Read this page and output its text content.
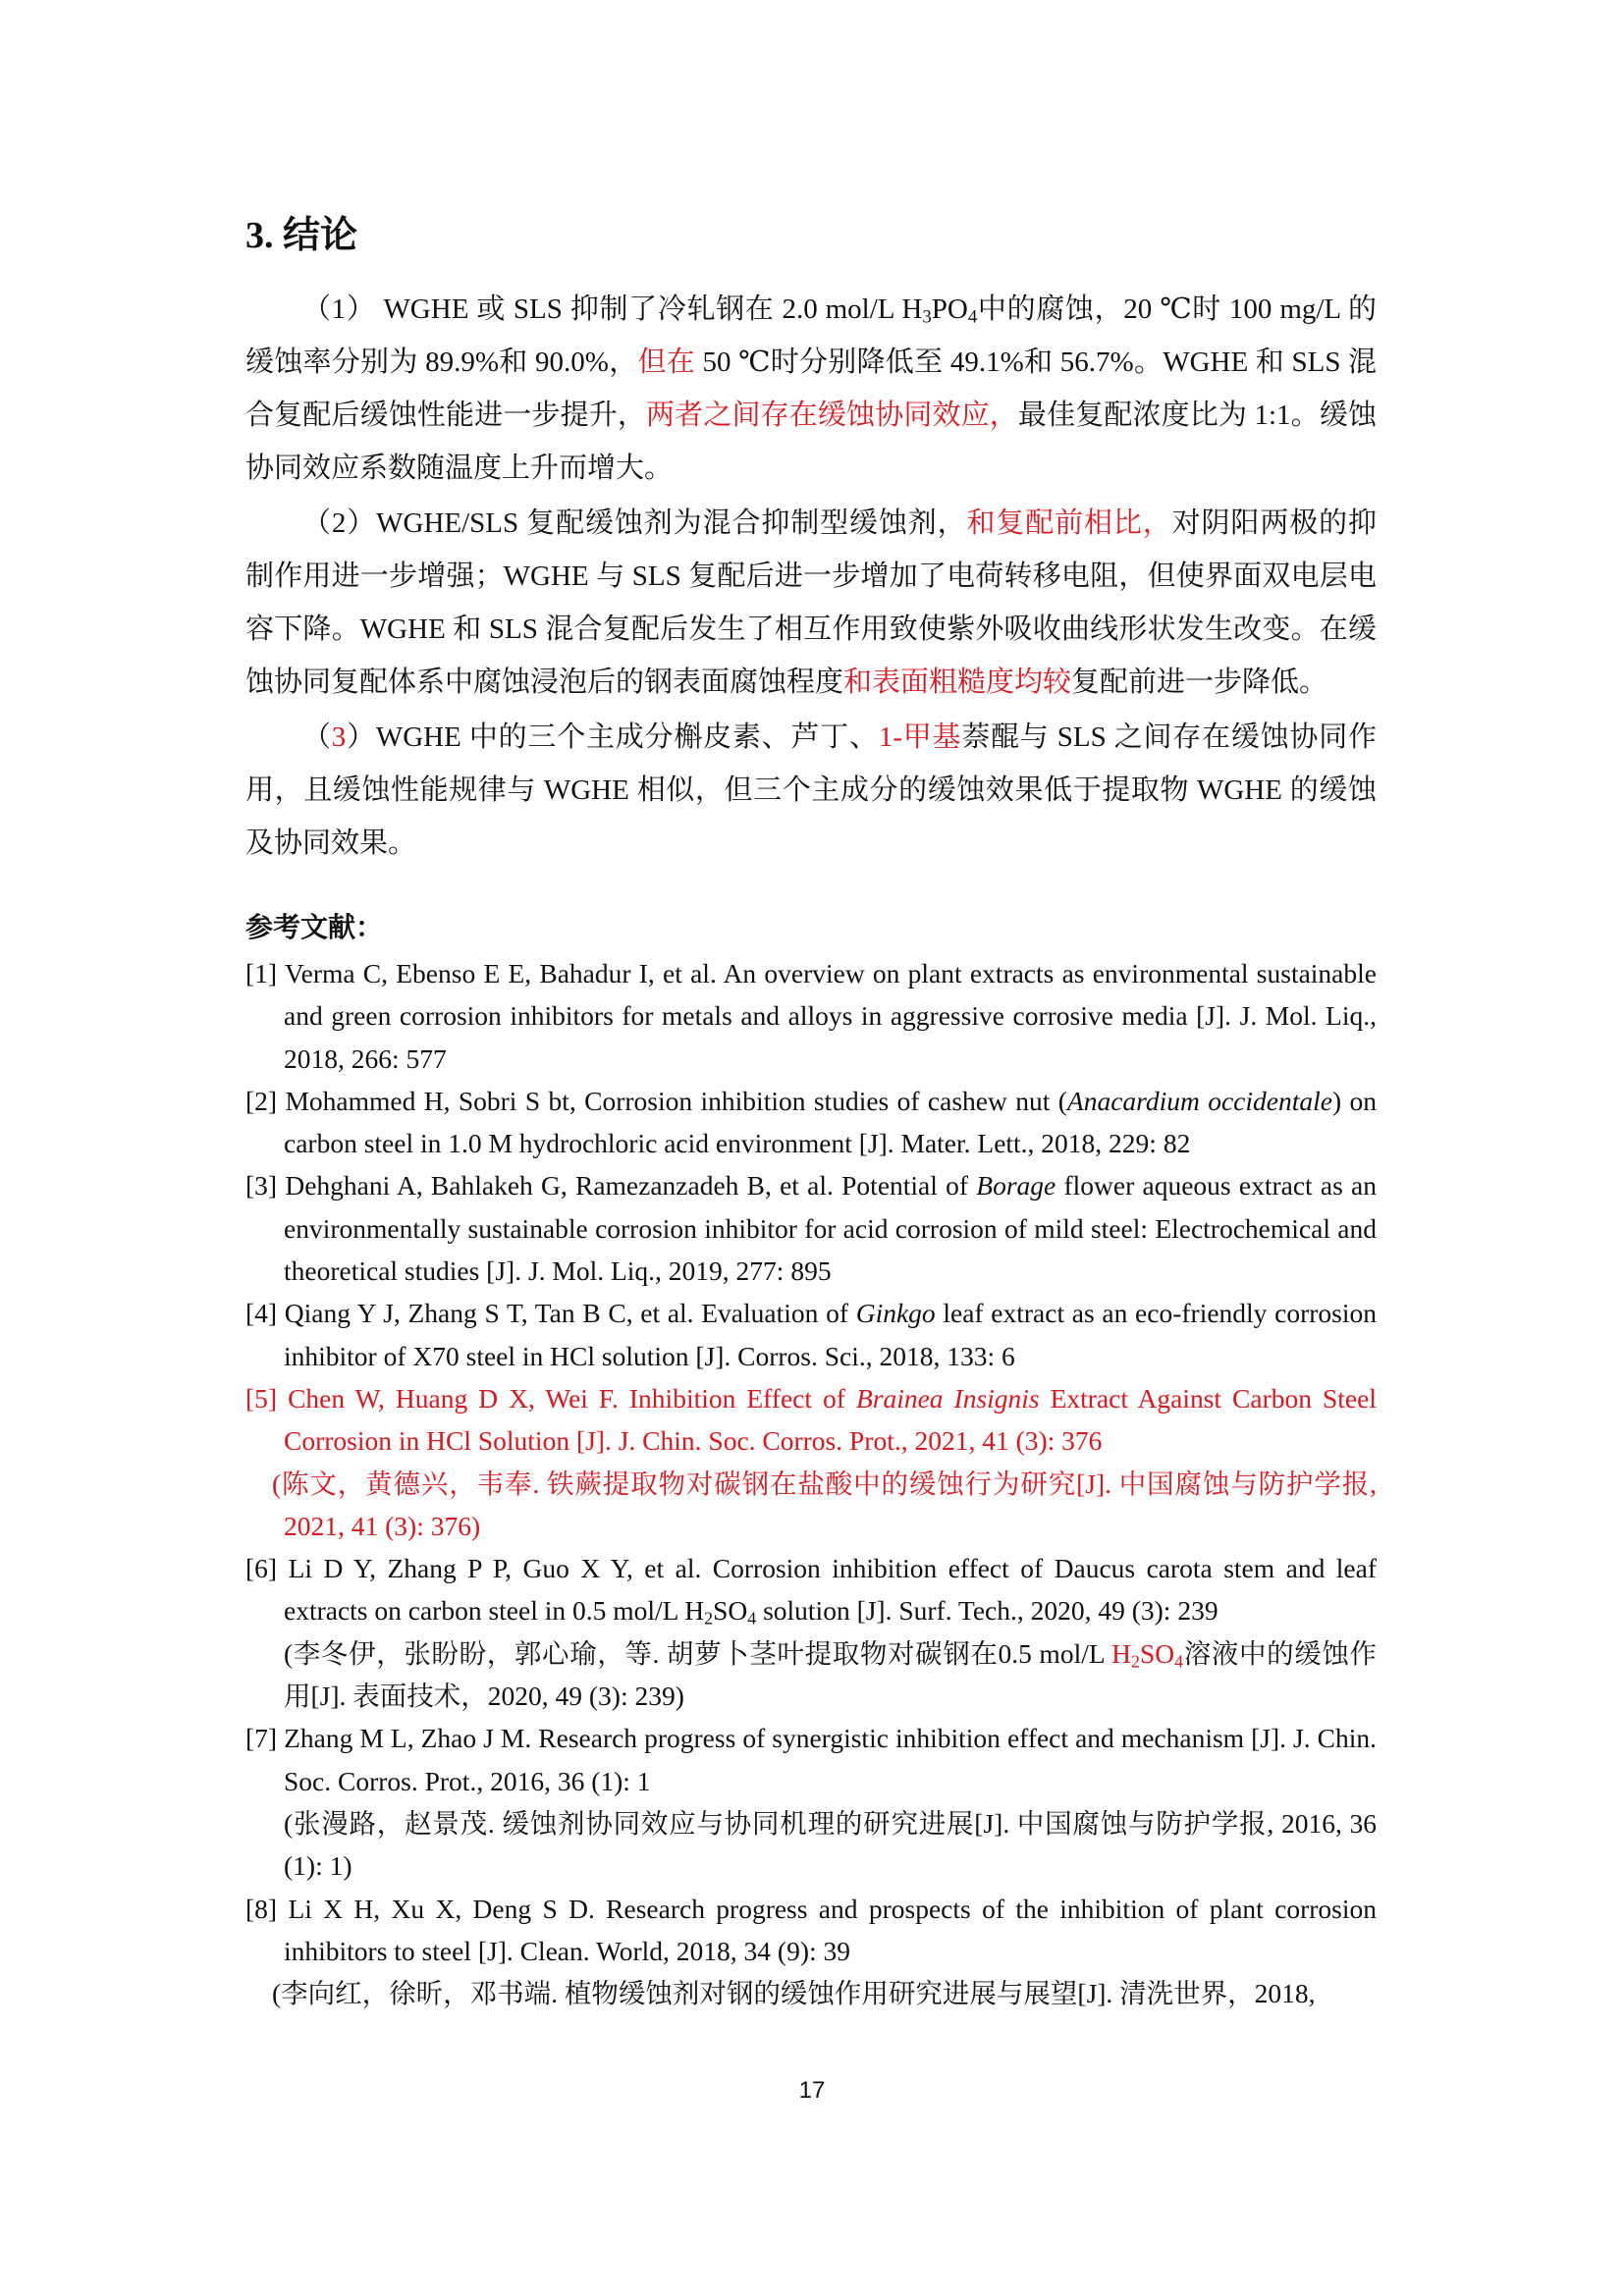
3. 结论

（1） WGHE 或 SLS 抑制了冷轧钢在 2.0 mol/L $H_3PO_4$中的腐蚀，20 ℃时 100 mg/L 的缓蚀率分别为 89.9%和 90.0%，但在 50 ℃时分别降低至 49.1%和 56.7%。WGHE 和 SLS 混合复配后缓蚀性能进一步提升，两者之间存在缓蚀协同效应，最佳复配浓度比为 1:1。缓蚀协同效应系数随温度上升而增大。

（2）WGHE/SLS 复配缓蚀剂为混合抑制型缓蚀剂，和复配前相比，对阴阳两极的抑制作用进一步增强；WGHE 与 SLS 复配后进一步增加了电荷转移电阻，但使界面双电层电容下降。WGHE 和 SLS 混合复配后发生了相互作用致使紫外吸收曲线形状发生改变。在缓蚀协同复配体系中腐蚀浸泡后的钢表面腐蚀程度和表面粗糙度均较复配前进一步降低。

（3）WGHE 中的三个主成分槲皮素、芦丁、1-甲基萘醌与 SLS 之间存在缓蚀协同作用，且缓蚀性能规律与 WGHE 相似，但三个主成分的缓蚀效果低于提取物 WGHE 的缓蚀及协同效果。

参考文献：
[1] Verma C, Ebenso E E, Bahadur I, et al. An overview on plant extracts as environmental sustainable and green corrosion inhibitors for metals and alloys in aggressive corrosive media [J]. J. Mol. Liq., 2018, 266: 577
[2] Mohammed H, Sobri S bt, Corrosion inhibition studies of cashew nut (Anacardium occidentale) on carbon steel in 1.0 M hydrochloric acid environment [J]. Mater. Lett., 2018, 229: 82
[3] Dehghani A, Bahlakeh G, Ramezanzadeh B, et al. Potential of Borage flower aqueous extract as an environmentally sustainable corrosion inhibitor for acid corrosion of mild steel: Electrochemical and theoretical studies [J]. J. Mol. Liq., 2019, 277: 895
[4] Qiang Y J, Zhang S T, Tan B C, et al. Evaluation of Ginkgo leaf extract as an eco-friendly corrosion inhibitor of X70 steel in HCl solution [J]. Corros. Sci., 2018, 133: 6
[5] Chen W, Huang D X, Wei F. Inhibition Effect of Brainea Insignis Extract Against Carbon Steel Corrosion in HCl Solution [J]. J. Chin. Soc. Corros. Prot., 2021, 41 (3): 376
(陈文，黄德兴，韦奉. 铁蕨提取物对碳钢在盐酸中的缓蚀行为研究[J]. 中国腐蚀与防护学报, 2021, 41 (3): 376)
[6] Li D Y, Zhang P P, Guo X Y, et al. Corrosion inhibition effect of Daucus carota stem and leaf extracts on carbon steel in 0.5 mol/L $H_2SO_4$ solution [J]. Surf. Tech., 2020, 49 (3): 239
(李冬伊，张盼盼，郭心瑜，等. 胡萝卜茎叶提取物对碳钢在0.5 mol/L $H_2SO_4$溶液中的缓蚀作用[J]. 表面技术，2020, 49 (3): 239)
[7] Zhang M L, Zhao J M. Research progress of synergistic inhibition effect and mechanism [J]. J. Chin. Soc. Corros. Prot., 2016, 36 (1): 1
(张漫路，赵景茂. 缓蚀剂协同效应与协同机理的研究进展[J]. 中国腐蚀与防护学报, 2016, 36 (1): 1)
[8] Li X H, Xu X, Deng S D. Research progress and prospects of the inhibition of plant corrosion inhibitors to steel [J]. Clean. World, 2018, 34 (9): 39
(李向红，徐昕，邓书端. 植物缓蚀剂对钢的缓蚀作用研究进展与展望[J]. 清洗世界，2018,
17
